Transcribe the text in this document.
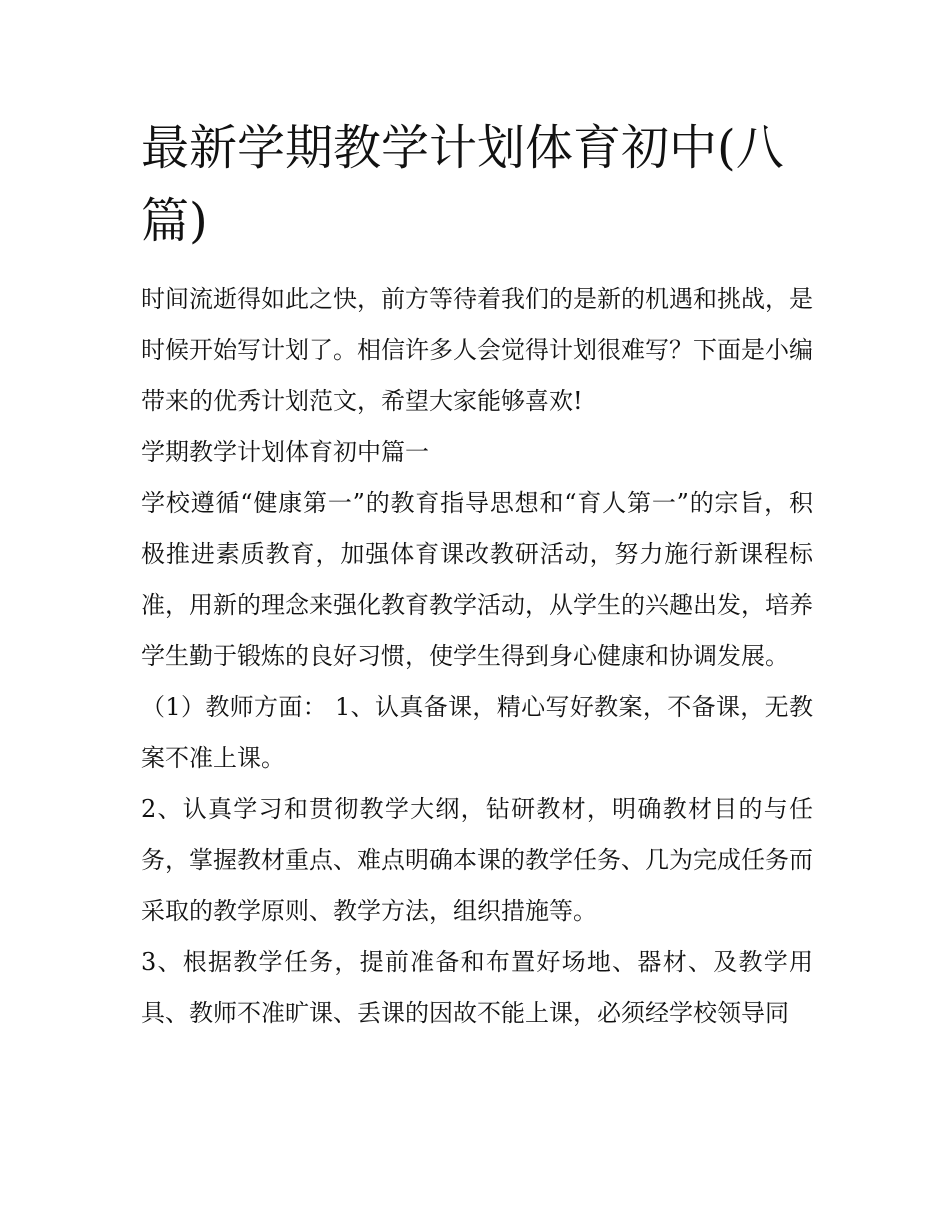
最新学期教学计划体育初中(八篇)

时间流逝得如此之快，前方等待着我们的是新的机遇和挑战，是时候开始写计划了。相信许多人会觉得计划很难写？下面是小编带来的优秀计划范文，希望大家能够喜欢!

学期教学计划体育初中篇一

学校遵循“健康第一”的教育指导思想和“育人第一”的宗旨，积极推进素质教育，加强体育课改教研活动，努力施行新课程标准，用新的理念来强化教育教学活动，从学生的兴趣出发，培养学生勤于锻炼的良好习惯，使学生得到身心健康和协调发展。

（1）教师方面： 1、认真备课，精心写好教案，不备课，无教案不准上课。

2、认真学习和贯彻教学大纲，钻研教材，明确教材目的与任务，掌握教材重点、难点明确本课的教学任务、几为完成任务而采取的教学原则、教学方法，组织措施等。

3、根据教学任务，提前准备和布置好场地、器材、及教学用具、教师不准旷课、丢课的因故不能上课，必须经学校领导同
